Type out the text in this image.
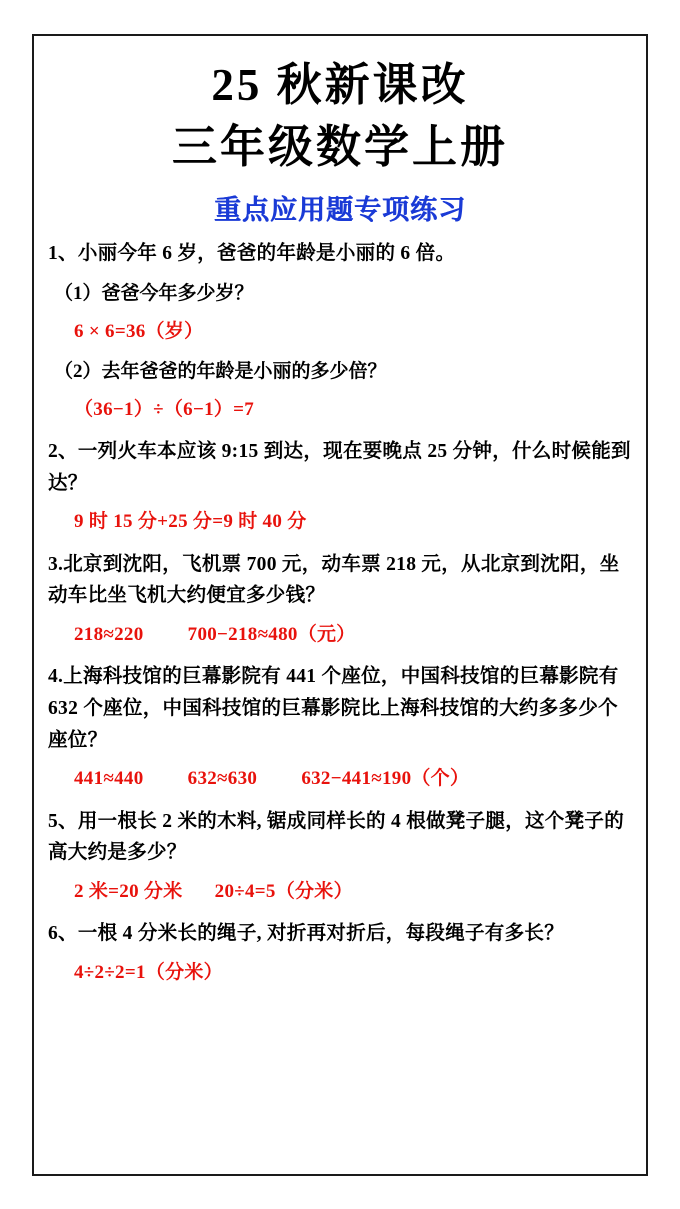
25 秋新课改
三年级数学上册
重点应用题专项练习
1、小丽今年 6 岁，爸爸的年龄是小丽的 6 倍。
（1）爸爸今年多少岁？
6 × 6=36（岁）
（2）去年爸爸的年龄是小丽的多少倍？
（36−1）÷（6−1）=7
2、一列火车本应该 9:15 到达，现在要晚点 25 分钟，什么时候能到达？
9 时 15 分+25 分=9 时 40 分
3.北京到沈阳，飞机票 700 元，动车票 218 元，从北京到沈阳，坐动车比坐飞机大约便宜多少钱？
218≈220 700−218≈480（元）
4.上海科技馆的巨幕影院有 441 个座位，中国科技馆的巨幕影院有 632 个座位，中国科技馆的巨幕影院比上海科技馆的大约多多少个座位？
441≈440 632≈630 632−441≈190（个）
5、用一根长 2 米的木料, 锯成同样长的 4 根做凳子腿，这个凳子的高大约是多少？
2 米=20 分米 20÷4=5（分米）
6、一根 4 分米长的绳子, 对折再对折后，每段绳子有多长？
4÷2÷2=1（分米）
